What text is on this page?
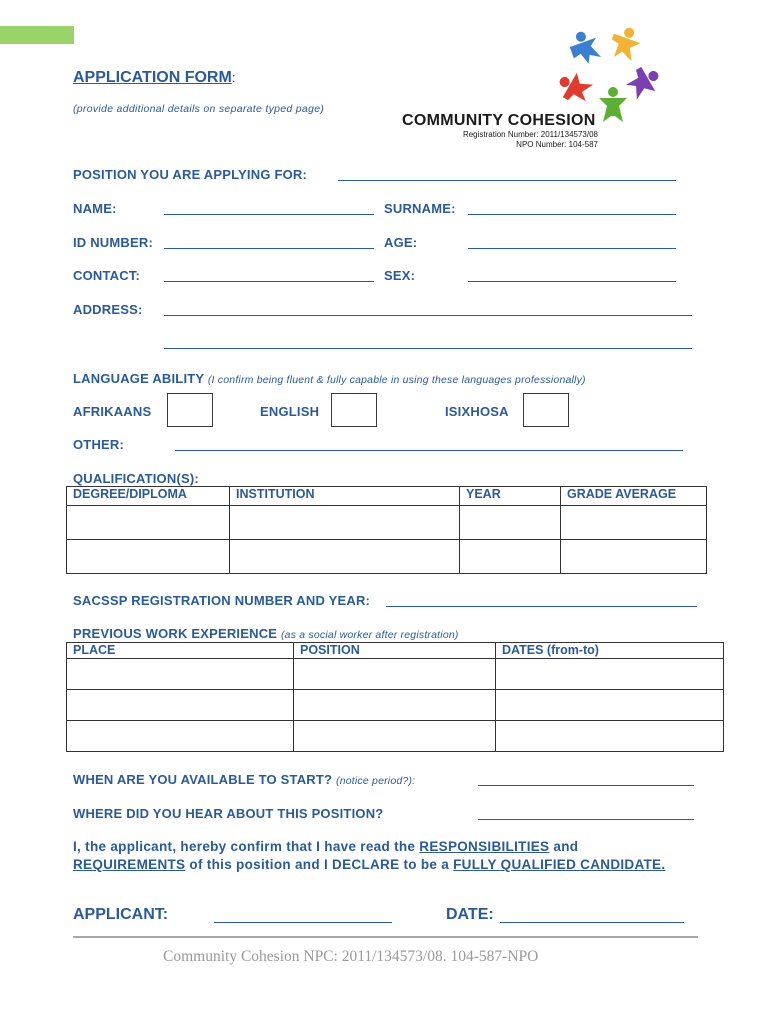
APPLICATION FORM:
(provide additional details on separate typed page)
COMMUNITY COHESION
Registration Number: 2011/134573/08
NPO Number: 104-587
POSITION YOU ARE APPLYING FOR:
NAME:	SURNAME:
ID NUMBER:	AGE:
CONTACT:	SEX:
ADDRESS:
LANGUAGE ABILITY (I confirm being fluent & fully capable in using these languages professionally)
AFRIKAANS	ENGLISH	ISIXHOSA
OTHER:
QUALIFICATION(S):
DEGREE/DIPLOMA	INSTITUTION	YEAR	GRADE AVERAGE

SACSSP REGISTRATION NUMBER AND YEAR:
PREVIOUS WORK EXPERIENCE (as a social worker after registration)
PLACE	POSITION	DATES (from-to)

WHEN ARE YOU AVAILABLE TO START? (notice period?):
WHERE DID YOU HEAR ABOUT THIS POSITION?
I, the applicant, hereby confirm that I have read the RESPONSIBILITIES and
REQUIREMENTS of this position and I DECLARE to be a FULLY QUALIFIED CANDIDATE.
APPLICANT:	DATE:
Community Cohesion NPC: 2011/134573/08. 104-587-NPO
